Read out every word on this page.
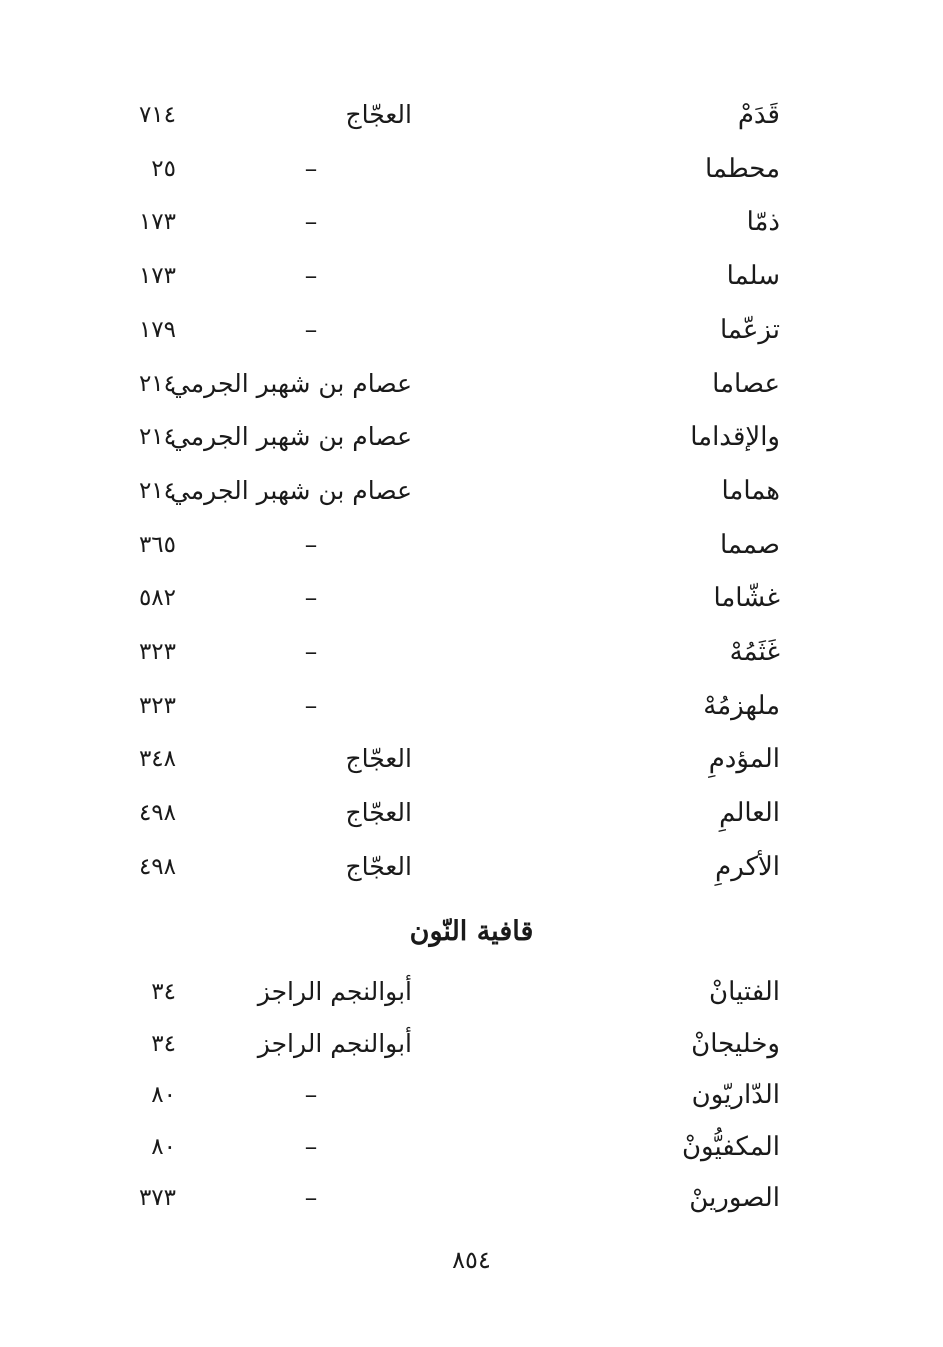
قَدَمْ
العجّاج
٧١٤
محطما
–
٢٥
ذمّا
–
١٧٣
سلما
–
١٧٣
تزعّما
–
١٧٩
عصاما
عصام بن شهبر الجرمي
٢١٤
والإقداما
عصام بن شهبر الجرمي
٢١٤
هماما
عصام بن شهبر الجرمي
٢١٤
صمما
–
٣٦٥
غشّاما
–
٥٨٢
غَثَمُهْ
–
٣٢٣
ملهزمُهْ
–
٣٢٣
المؤدمِ
العجّاج
٣٤٨
العالمِ
العجّاج
٤٩٨
الأكرمِ
العجّاج
٤٩٨
قافية النّون
الفتيانْ
أبوالنجم الراجز
٣٤
وخليجانْ
أبوالنجم الراجز
٣٤
الدّاريّون
–
٨٠
المكفيُّونْ
–
٨٠
الصورينْ
–
٣٧٣
٨٥٤
